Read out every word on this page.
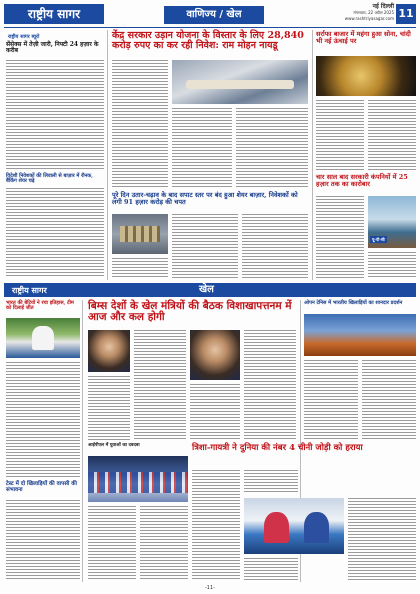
राष्ट्रीय सागर	वाणिज्य / खेल
नई दिल्ली
मंगलवार, 22 अप्रैल 2025
www.rashtriyasagar.com 11
राष्ट्रीय सागर ब्यूरो
सेंसेक्स में तेज़ी जारी, निफ्टी 24 हज़ार के करीब
विदेशी निवेशकों की लिवाली से बाज़ार में रौनक, बैंकिंग शेयर चढ़े
केंद्र सरकार उड़ान योजना के विस्तार के लिए 28,840 करोड़ रुपए का कर रही निवेश: राम मोहन नायडू
पूरे दिन उतार-चढ़ाव के बाद सपाट स्तर पर बंद हुआ शेयर बाज़ार, निवेशकों को लगी 91 हज़ार करोड़ की चपत
सर्राफा बाजार में महंगा हुआ सोना, चांदी भी नई ऊंचाई पर
चार साल बाद सरकारी कंपनियों में 25 हज़ार तक का कारोबार
यू-पी-सी
राष्ट्रीय सागर	खेल
भारत की बेटियों ने रचा इतिहास, टीम को दिलाई जीत
टेस्ट में दो खिलाड़ियों की वापसी की संभावना
बिम्स देशों के खेल मंत्रियों की बैठक विशाखापत्तनम में आज और कल होगी
आईपीएल में युवाओं का दबदबा	त्रिशा-गायत्री ने दुनिया की नंबर 4 चीनी जोड़ी को हराया
ओपन टेनिस में भारतीय खिलाड़ियों का शानदार प्रदर्शन
-11-
